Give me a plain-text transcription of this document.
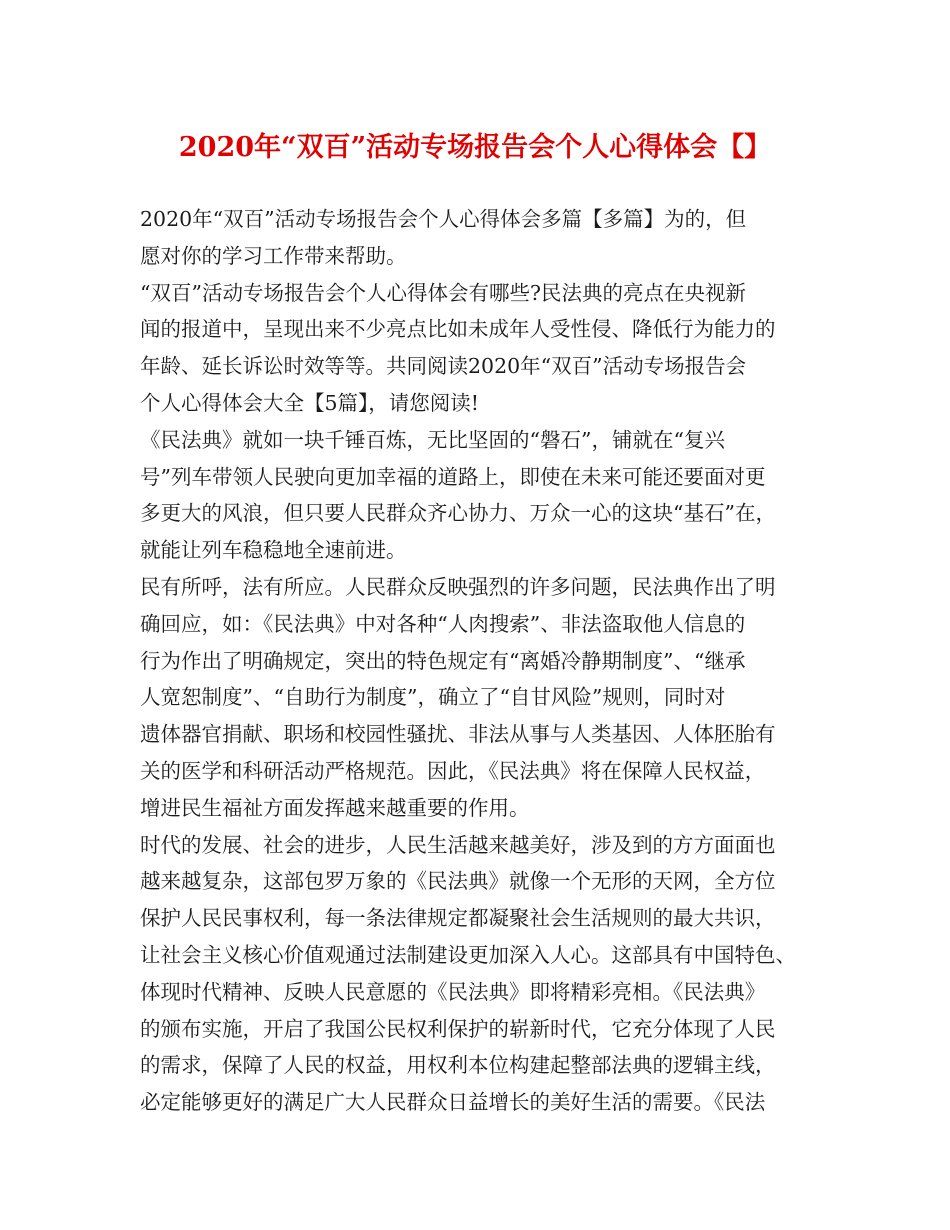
2020年“双百”活动专场报告会个人心得体会【】

2020年“双百”活动专场报告会个人心得体会多篇【多篇】为的，但
愿对你的学习工作带来帮助。

“双百”活动专场报告会个人心得体会有哪些?民法典的亮点在央视新
闻的报道中，呈现出来不少亮点比如未成年人受性侵、降低行为能力的
年龄、延长诉讼时效等等。共同阅读2020年“双百”活动专场报告会
个人心得体会大全【5篇】，请您阅读!

《民法典》就如一块千锤百炼，无比坚固的“磐石”，铺就在“复兴
号”列车带领人民驶向更加幸福的道路上，即使在未来可能还要面对更
多更大的风浪，但只要人民群众齐心协力、万众一心的这块“基石”在，
就能让列车稳稳地全速前进。

民有所呼，法有所应。人民群众反映强烈的许多问题，民法典作出了明
确回应，如：《民法典》中对各种“人肉搜索”、非法盗取他人信息的
行为作出了明确规定，突出的特色规定有“离婚冷静期制度”、“继承
人宽恕制度”、“自助行为制度”，确立了“自甘风险”规则，同时对
遗体器官捐献、职场和校园性骚扰、非法从事与人类基因、人体胚胎有
关的医学和科研活动严格规范。因此，《民法典》将在保障人民权益，
增进民生福祉方面发挥越来越重要的作用。

时代的发展、社会的进步，人民生活越来越美好，涉及到的方方面面也
越来越复杂，这部包罗万象的《民法典》就像一个无形的天网，全方位
保护人民民事权利，每一条法律规定都凝聚社会生活规则的最大共识，
让社会主义核心价值观通过法制建设更加深入人心。这部具有中国特色、
体现时代精神、反映人民意愿的《民法典》即将精彩亮相。《民法典》
的颁布实施，开启了我国公民权利保护的崭新时代，它充分体现了人民
的需求，保障了人民的权益，用权利本位构建起整部法典的逻辑主线，
必定能够更好的满足广大人民群众日益增长的美好生活的需要。《民法
